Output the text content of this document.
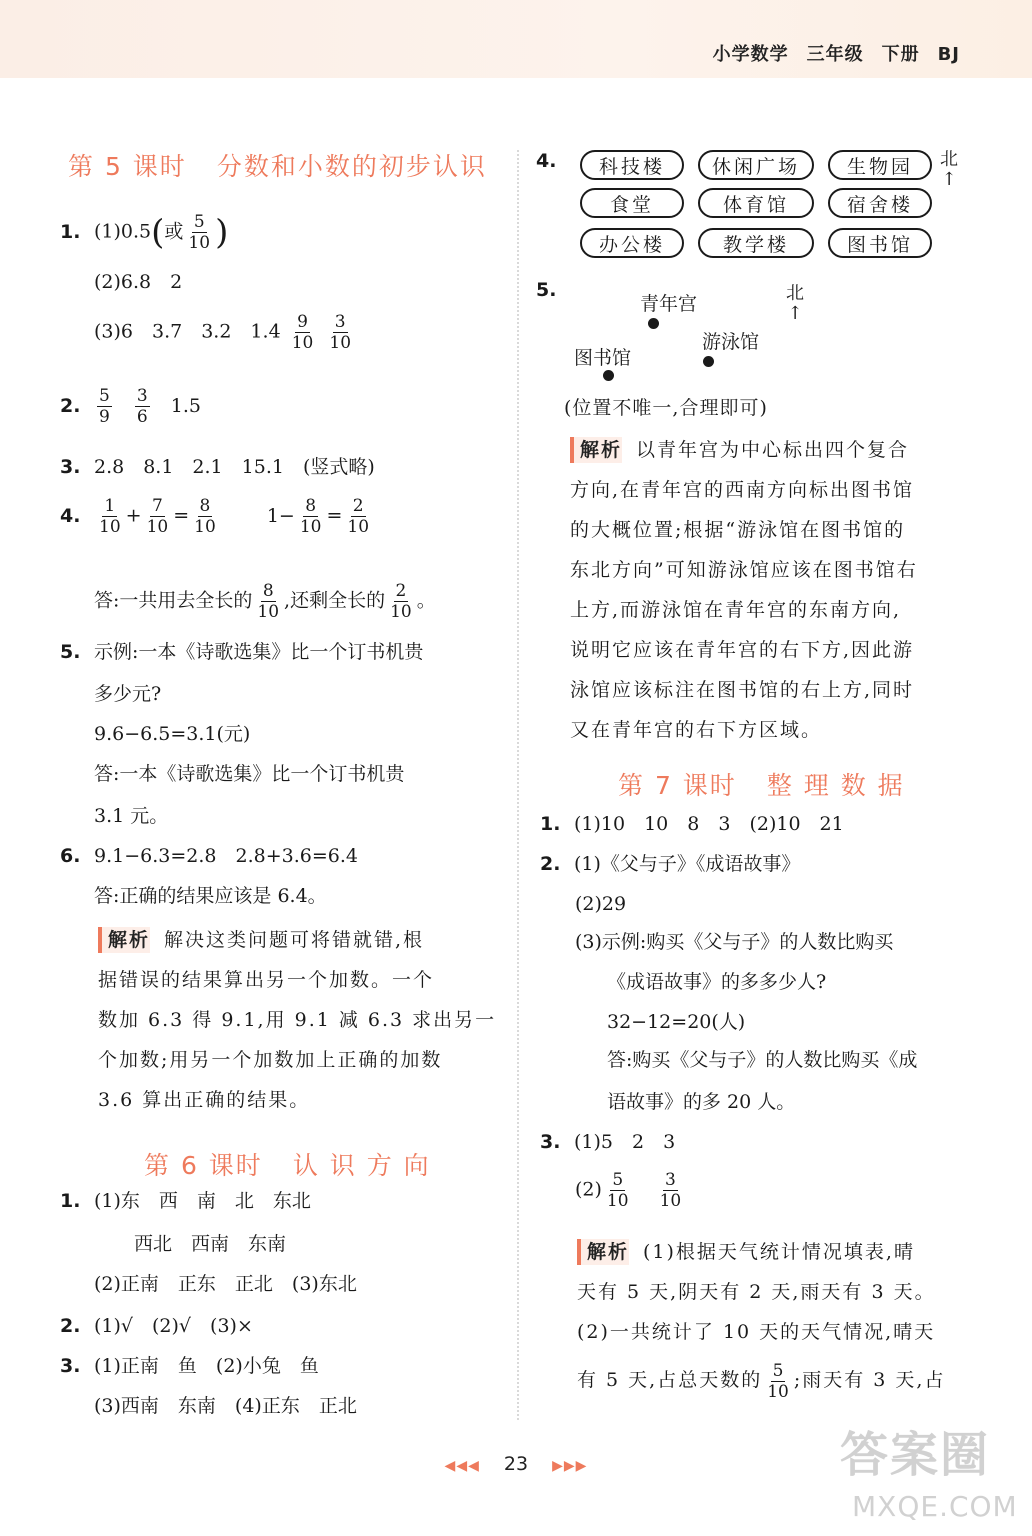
小学数学 三年级 下册 BJ
第 5 课时 分数和小数的初步认识
1. (1)0.5(或 $\frac{5}{10}$ )
(2)6.8　2
(3)6　3.7　3.2　$1.4 \frac{9}{10}$
$\frac{3}{10}$
2. $\frac{5}{9}$
$\frac{3}{6} 1.5$
3. 2.8　8.1　2.1　15.1　(竖式略)
4. $\frac{1}{10} + \frac{7}{10} = \frac{8}{10}$	$1- \frac{8}{10} = \frac{2}{10}$
答:一共用去全长的 $\frac{8}{10}$ ,还剩全长的 $\frac{2}{10}$ 。
5. 示例:一本《诗歌选集》比一个订书机贵
多少元?
9.6−6.5=3.1(元)
答:一本《诗歌选集》比一个订书机贵
3.1 元。
6. 9.1−6.3=2.8　2.8+3.6=6.4
答:正确的结果应该是 6.4。
解析 解决这类问题可将错就错,根
据错误的结果算出另一个加数。一个
数加 6.3 得 9.1,用 9.1 减 6.3 求出另一
个加数;用另一个加数加上正确的加数
3.6 算出正确的结果。
第 6 课时 认 识 方 向
1. (1)东　西　南　北　东北
西北　西南　东南
(2)正南　正东　正北　(3)东北
2. (1)√　(2)√　(3)×
3. (1)正南　鱼　(2)小兔　鱼
(3)西南　东南　(4)正东　正北
4.	科技楼	休闲广场	生物园
食堂	体育馆	宿舍楼
办公楼	教学楼	图书馆
北
↑
5.
青年宫
游泳馆
图书馆
北
↑
(位置不唯一,合理即可)
解析 以青年宫为中心标出四个复合
方向,在青年宫的西南方向标出图书馆
的大概位置;根据“游泳馆在图书馆的
东北方向”可知游泳馆应该在图书馆右
上方,而游泳馆在青年宫的东南方向,
说明它应该在青年宫的右下方,因此游
泳馆应该标注在图书馆的右上方,同时
又在青年宫的右下方区域。
第 7 课时 整 理 数 据
1. (1)10　10　8　3　(2)10　21
2. (1)《父与子》《成语故事》
(2)29
(3)示例:购买《父与子》的人数比购买
《成语故事》的多多少人?
32−12=20(人)
答:购买《父与子》的人数比购买《成
语故事》的多 20 人。
3. (1)5　2　3
$(2) \frac{5}{10}$
$\frac{3}{10}$
解析 (1)根据天气统计情况填表,晴
天有 5 天,阴天有 2 天,雨天有 3 天。
(2)一共统计了 10 天的天气情况,晴天
有 5 天,占总天数的 $\frac{5}{10}$ ;雨天有 3 天,占
◀◀◀ 23 ▶▶▶	答案圈
MXQE.COM
